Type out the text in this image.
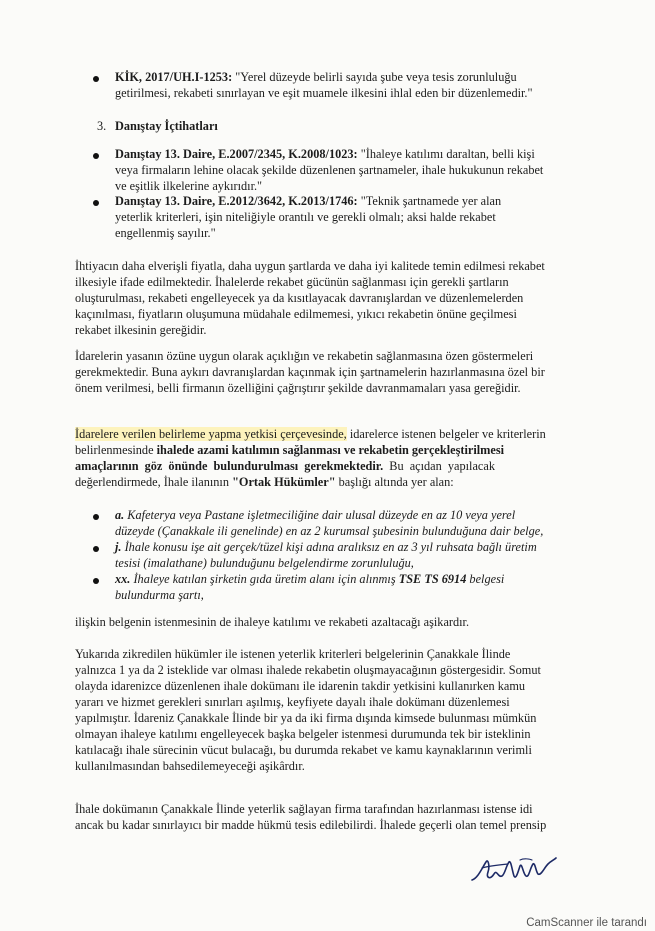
KİK, 2017/UH.I-1253: "Yerel düzeyde belirli sayıda şube veya tesis zorunluluğu
getirilmesi, rekabeti sınırlayan ve eşit muamele ilkesini ihlal eden bir düzenlemedir."
3. Danıştay İçtihatları
Danıştay 13. Daire, E.2007/2345, K.2008/1023: "İhaleye katılımı daraltan, belli kişi
veya firmaların lehine olacak şekilde düzenlenen şartnameler, ihale hukukunun rekabet
ve eşitlik ilkelerine aykırıdır."
Danıştay 13. Daire, E.2012/3642, K.2013/1746: "Teknik şartnamede yer alan
yeterlik kriterleri, işin niteliğiyle orantılı ve gerekli olmalı; aksi halde rekabet
engellenmiş sayılır."
İhtiyacın daha elverişli fiyatla, daha uygun şartlarda ve daha iyi kalitede temin edilmesi rekabet
ilkesiyle ifade edilmektedir. İhalelerde rekabet gücünün sağlanması için gerekli şartların
oluşturulması, rekabeti engelleyecek ya da kısıtlayacak davranışlardan ve düzenlemelerden
kaçınılması, fiyatların oluşumuna müdahale edilmemesi, yıkıcı rekabetin önüne geçilmesi
rekabet ilkesinin gereğidir.
İdarelerin yasanın özüne uygun olarak açıklığın ve rekabetin sağlanmasına özen göstermeleri
gerekmektedir. Buna aykırı davranışlardan kaçınmak için şartnamelerin hazırlanmasına özel bir
önem verilmesi, belli firmanın özelliğini çağrıştırır şekilde davranmamaları yasa gereğidir.
İdarelere verilen belirleme yapma yetkisi çerçevesinde, idarelerce istenen belgeler ve kriterlerin
belirlenmesinde ihalede azami katılımın sağlanması ve rekabetin gerçekleştirilmesi
amaçlarının göz önünde bulundurulması gerekmektedir. Bu açıdan yapılacak
değerlendirmede, İhale ilanının "Ortak Hükümler" başlığı altında yer alan:
a. Kafeterya veya Pastane işletmeciliğine dair ulusal düzeyde en az 10 veya yerel
düzeyde (Çanakkale ili genelinde) en az 2 kurumsal şubesinin bulunduğuna dair belge,
j. İhale konusu işe ait gerçek/tüzel kişi adına aralıksız en az 3 yıl ruhsata bağlı üretim
tesisi (imalathane) bulunduğunu belgelendirme zorunluluğu,
xx. İhaleye katılan şirketin gıda üretim alanı için alınmış TSE TS 6914 belgesi
bulundurma şartı,
ilişkin belgenin istenmesinin de ihaleye katılımı ve rekabeti azaltacağı aşikardır.
Yukarıda zikredilen hükümler ile istenen yeterlik kriterleri belgelerinin Çanakkale İlinde
yalnızca 1 ya da 2 isteklide var olması ihalede rekabetin oluşmayacağının göstergesidir. Somut
olayda idarenizce düzenlenen ihale dokümanı ile idarenin takdir yetkisini kullanırken kamu
yararı ve hizmet gerekleri sınırları aşılmış, keyfiyete dayalı ihale dokümanı düzenlemesi
yapılmıştır. İdareniz Çanakkale İlinde bir ya da iki firma dışında kimsede bulunması mümkün
olmayan ihaleye katılımı engelleyecek başka belgeler istenmesi durumunda tek bir isteklinin
katılacağı ihale sürecinin vücut bulacağı, bu durumda rekabet ve kamu kaynaklarının verimli
kullanılmasından bahsedilemeyeceği aşikârdır.
İhale dokümanın Çanakkale İlinde yeterlik sağlayan firma tarafından hazırlanması istense idi
ancak bu kadar sınırlayıcı bir madde hükmü tesis edilebilirdi. İhalede geçerli olan temel prensip
CamScanner ile tarandı
